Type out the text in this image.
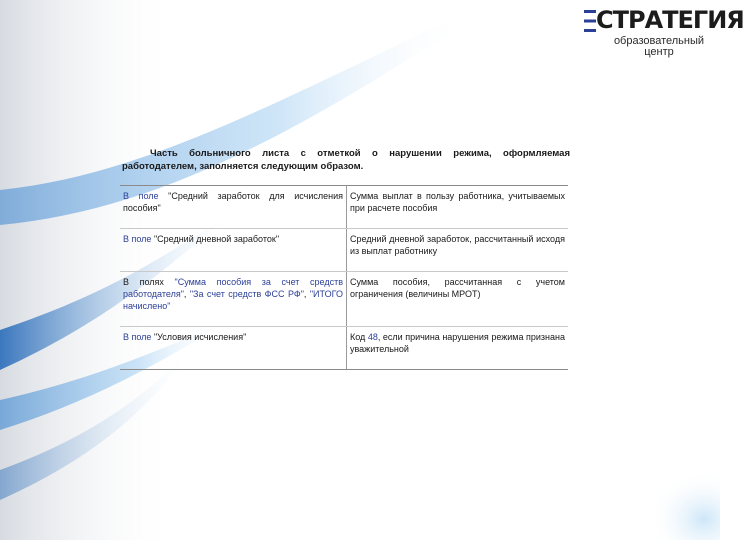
СТРАТЕГИЯ
образовательный
центр
Часть больничного листа с отметкой о нарушении режима, оформляемая работодателем, заполняется следующим образом.
В поле "Средний заработок для исчисления пособия"	Сумма выплат в пользу работника, учитываемых при расчете пособия
В поле "Средний дневной заработок"	Средний дневной заработок, рассчитанный исходя из выплат работнику
В полях "Сумма пособия за счет средств работодателя", "За счет средств ФСС РФ", "ИТОГО начислено"	Сумма пособия, рассчитанная с учетом ограничения (величины МРОТ)
В поле "Условия исчисления"	Код 48, если причина нарушения режима признана уважительной
